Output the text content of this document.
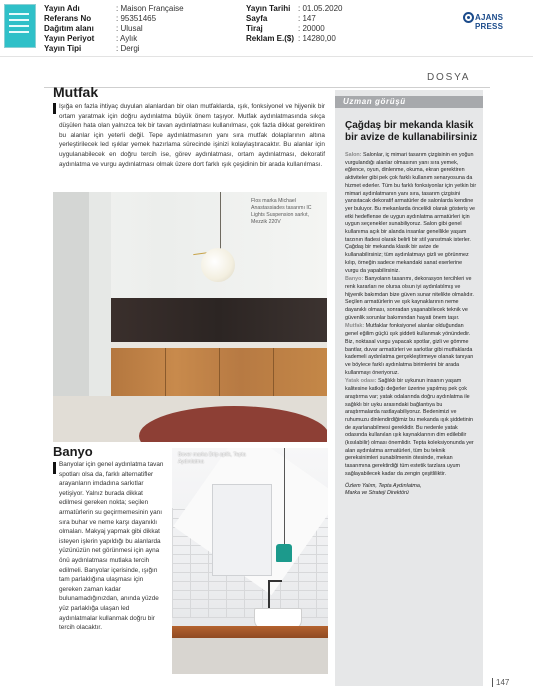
Yayın Adı	: Maison Française
Referans No	: 95351465
Dağıtım alanı	: Ulusal
Yayın Periyot	: Aylık
Yayın Tipi	: Dergi
Yayın Tarihi : 01.05.2020
Sayfa	: 147
Tiraj	: 20000
Reklam E.($) : 14280,00
AJANS PRESS
DOSYA
Mutfak
Işığa en fazla ihtiyaç duyulan alanlardan bir olan mutfaklarda, ışık, fonksiyonel ve hijyenik bir ortam yaratmak için doğru aydınlatma büyük önem taşıyor. Mutfak aydınlatmasında sıkça düşülen hata olan yalnızca tek bir tavan aydınlatması kullanılması, çok fazla dikkat gerektiren bu alanlar için yeterli değil. Tepe aydınlatmasının yanı sıra mutfak dolaplarının altına yerleştirilecek led ışıklar yemek hazırlama sürecinde işinizi kolaylaştıracaktır. Bu alanlar için uygulanabilecek en doğru tercih ise, görev aydınlatması, ortam aydınlatması, dekoratif aydınlatma ve vurgu aydınlatması olmak üzere dort farklı ışık çeşidinin bir arada kullanılması.
Flos marka Michael Anastassiades tasarımı IC Lights Suspension sarkıt, Mezzik 220V
Banyo
Banyolar için genel aydınlatma tavan spotları olsa da, farklı alternatifler arayanların imdadına sarkıtlar yetişiyor. Yalnız burada dikkat edilmesi gereken nokta; seçilen armatürlerin su geçirmemesinin yanı sıra buhar ve neme karşı dayanıklı olmaları. Makyaj yapmak gibi dikkat isteyen işlerin yapıldığı bu alanlarda yüzünüzün net görünmesi için ayna önü aydınlatması mutlaka tercih edilmeli. Banyolar içerisinde, ışığın tam parlaklığına ulaşması için gereken zaman kadar bulunamadığınızdan, anında yüzde yüz parlaklığa ulaşan led aydınlatmalar kullanmak doğru bir tercih olacaktır.
Bover marka Drip aplik, Tepta Aydınlatma
Uzman görüşü
Çağdaş bir mekanda klasik bir avize de kullanabilirsiniz

Salon: Salonlar, iç mimari tasarım çizgisinin en yoğun vurgulandığı alanlar olmasının yanı sıra yemek, eğlence, oyun, dinlenme, okuma, ekran gerektiren aktiviteler gibi pek çok farklı kullanım senaryosuna da hizmet ederler. Tüm bu farklı fonksiyonlar için yetkin bir mimari aydınlatmanın yanı sıra, tasarım çizgisini yansıtacak dekoratif armatürler de salonlarda kendine yer buluyor. Bu mekanlarda öncelikli olarak gösteriş ve etki hedeflense de uygun aydınlatma armatürleri için uygun seçenekler sunabiliyoruz. Salon gibi genel kullanıma açık bir alanda insanlar genellikle yaşam tarzının ifadesi olarak belirli bir stil yansıtmak isterler. Çağdaş bir mekanda klasik bir avize de kullanabilirsiniz; tüm aydınlatmayı gizli ve görünmez kılıp, örneğin sadece mekandaki sanat eserlerine vurgu da yapabilirsiniz.

Banyo: Banyoların tasarımı, dekorasyon tercihleri ve renk kararları ne olursa olsun iyi aydınlatılmış ve hijyenik bakımdan bize güven sunar nitelikte olmalıdır. Seçilen armatürlerin ve ışık kaynaklarının neme dayanıklı olması, sonradan yaşanabilecek teknik ve güvenlik sorunlar bakımından hayati önem taşır.

Mutfak: Mutfaklar fonksiyonel alanlar olduğundan genel eğilim güçlü ışık şiddeti kullanmak yönündedir. Biz, noktasal vurgu yapacak spotlar, gizli ve gömme bantlar, duvar armatürleri ve sarkıtlar gibi mutfaklarda kademeli aydınlatma gerçekleştirmeye olanak tanıyan ve böylece farklı aydınlatma birimlerini bir arada kullanmayı öneriyoruz.

Yatak odası: Sağlıklı bir uykunun insanın yaşam kalitesine katkığı değerler üzerine yapılmış pek çok araştırma var; yatak odalarında doğru aydınlatma ile sağlıklı bir uyku arasındaki bağlantıya bu araştırmalarda rastlayabiliyoruz. Bedenimizi ve ruhumuzu dinlendirdiğimiz bu mekanda ışık şiddetinin de ayarlanabilmesi gereklidir. Bu nedenle yatak odasında kullanılan ışık kaynaklarının dim edilebilir (kısılabilir) olması önemlidir. Tepta koleksiyonunda yer alan aydınlatma armatürleri, tüm bu teknik gereksinimleri sunabilmenin ötesinde, mekan tasarımına gerektirdiği tüm estetik tarzlara uyum sağlayabilecek kadar da zengin çeşitliliktir.

Özlem Yalım, Tepta Aydınlatma,
Marka ve Strateji Direktörü

147
